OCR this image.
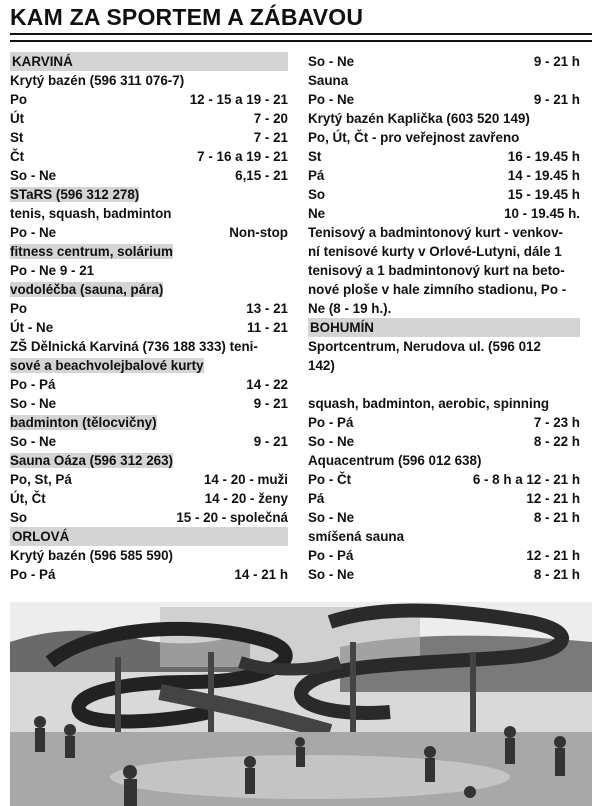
KAM ZA SPORTEM A ZÁBAVOU
KARVINÁ
Krytý bazén (596 311 076-7)
Po	12 - 15 a 19 - 21
Út	7 - 20
St	7 - 21
Čt	7 - 16 a 19 - 21
So - Ne	6,15 - 21
STaRS (596 312 278)
tenis, squash, badminton
Po - Ne	Non-stop
fitness centrum, solárium
Po - Ne 9 - 21
vodoléčba (sauna, pára)
Po	13 - 21
Út - Ne	11 - 21
ZŠ Dělnická Karviná (736 188 333) teni-
sové a beachvolejbalové kurty
Po - Pá	14 - 22
So - Ne	9 - 21
badminton (tělocvičny)
So - Ne	9 - 21
Sauna Oáza (596 312 263)
Po, St, Pá	14 - 20 - muži
Út, Čt	14 - 20 - ženy
So	15 - 20 - společná
ORLOVÁ
Krytý bazén (596 585 590)
Po - Pá	14 - 21 h
So - Ne	9 - 21 h
Sauna
Po - Ne	9 - 21 h
Krytý bazén Kaplička (603 520 149)
Po, Út, Čt - pro veřejnost zavřeno
St	16 - 19.45 h
Pá	14 - 19.45 h
So	15 - 19.45 h
Ne	10 - 19.45 h.
Tenisový a badmintonový kurt - venkov-
ní tenisové kurty v Orlové-Lutyni, dále 1
tenisový a 1 badmintonový kurt na beto-
nové ploše v hale zimního stadionu, Po -
Ne (8 - 19 h.).
BOHUMÍN
Sportcentrum, Nerudova ul. (596 012
142)
squash, badminton, aerobic, spinning
Po - Pá	7 - 23 h
So - Ne	8 - 22 h
Aquacentrum (596 012 638)
Po - Čt	6 - 8 h a 12 - 21 h
Pá	12 - 21 h
So - Ne	8 - 21 h
smíšená sauna
Po - Pá	12 - 21 h
So - Ne	8 - 21 h
